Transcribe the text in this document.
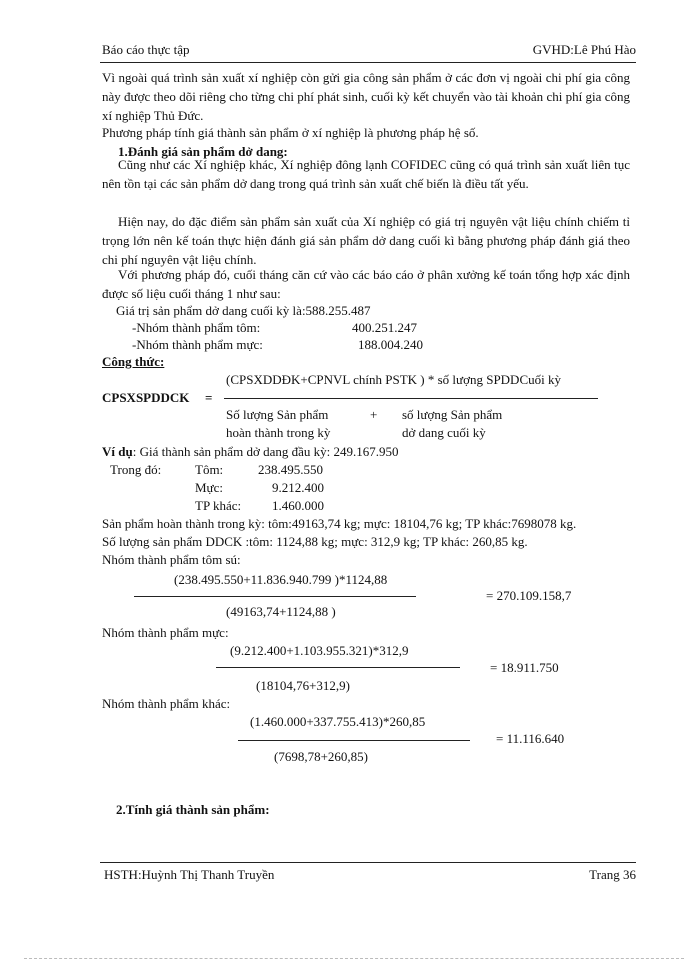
Báo cáo thực tập	GVHD:Lê Phú Hào
Vì ngoài quá trình sản xuất xí nghiệp còn gửi gia công sản phẩm ở các đơn vị ngoài chi phí gia công này được theo dõi riêng cho từng chi phí phát sinh, cuối kỳ kết chuyển vào tài khoản chi phí gia công xí nghiệp Thủ Đức.
Phương pháp tính giá thành sản phẩm ở xí nghiệp là phương pháp hệ số.
1.Đánh giá sản phẩm dở dang:
Cũng như các Xí nghiệp khác, Xí nghiệp đông lạnh COFIDEC cũng có quá trình sản xuất liên tục nên tồn tại các sản phẩm dở dang trong quá trình sản xuất chế biến là điều tất yếu.
Hiện nay, do đặc điểm sản phẩm sản xuất của Xí nghiệp có giá trị nguyên vật liệu chính chiếm tỉ trọng lớn nên kế toán thực hiện đánh giá sản phẩm dở dang cuối kì bằng phương pháp đánh giá theo chi phí nguyên vật liệu chính.
Với phương pháp đó, cuối tháng căn cứ vào các báo cáo ở phân xưởng kế toán tổng hợp xác định được số liệu cuối tháng 1 như sau:
Giá trị sản phẩm dở dang cuối kỳ là:588.255.487
-Nhóm thành phẩm tôm:	400.251.247
-Nhóm thành phẩm mực:	188.004.240
Công thức:
(CPSXDDĐK+CPNVL chính PSTK ) * số lượng SPDDCuối kỳ
CPSXSPDDCK =
Số lượng Sản phẩm
hoàn thành trong kỳ
+ số lượng Sản phẩm
dở dang cuối kỳ
Ví dụ: Giá thành sản phẩm dở dang đầu kỳ: 249.167.950
Trong đó:	Tôm:	238.495.550
Mực:	9.212.400
TP khác: 1.460.000
Sản phẩm hoàn thành trong kỳ: tôm:49163,74 kg; mực: 18104,76 kg; TP khác:7698078 kg.
Số lượng sản phẩm DDCK :tôm: 1124,88 kg; mực: 312,9 kg; TP khác: 260,85 kg.
Nhóm thành phẩm tôm sú:
(238.495.550+11.836.940.799 )*1124,88
= 270.109.158,7
(49163,74+1124,88 )
Nhóm thành phẩm mực:
(9.212.400+1.103.955.321)*312,9
= 18.911.750
(18104,76+312,9)
Nhóm thành phẩm khác:
(1.460.000+337.755.413)*260,85
= 11.116.640
(7698,78+260,85)
2.Tính giá thành sản phẩm:
HSTH:Huỳnh Thị Thanh Truyền	Trang 36
